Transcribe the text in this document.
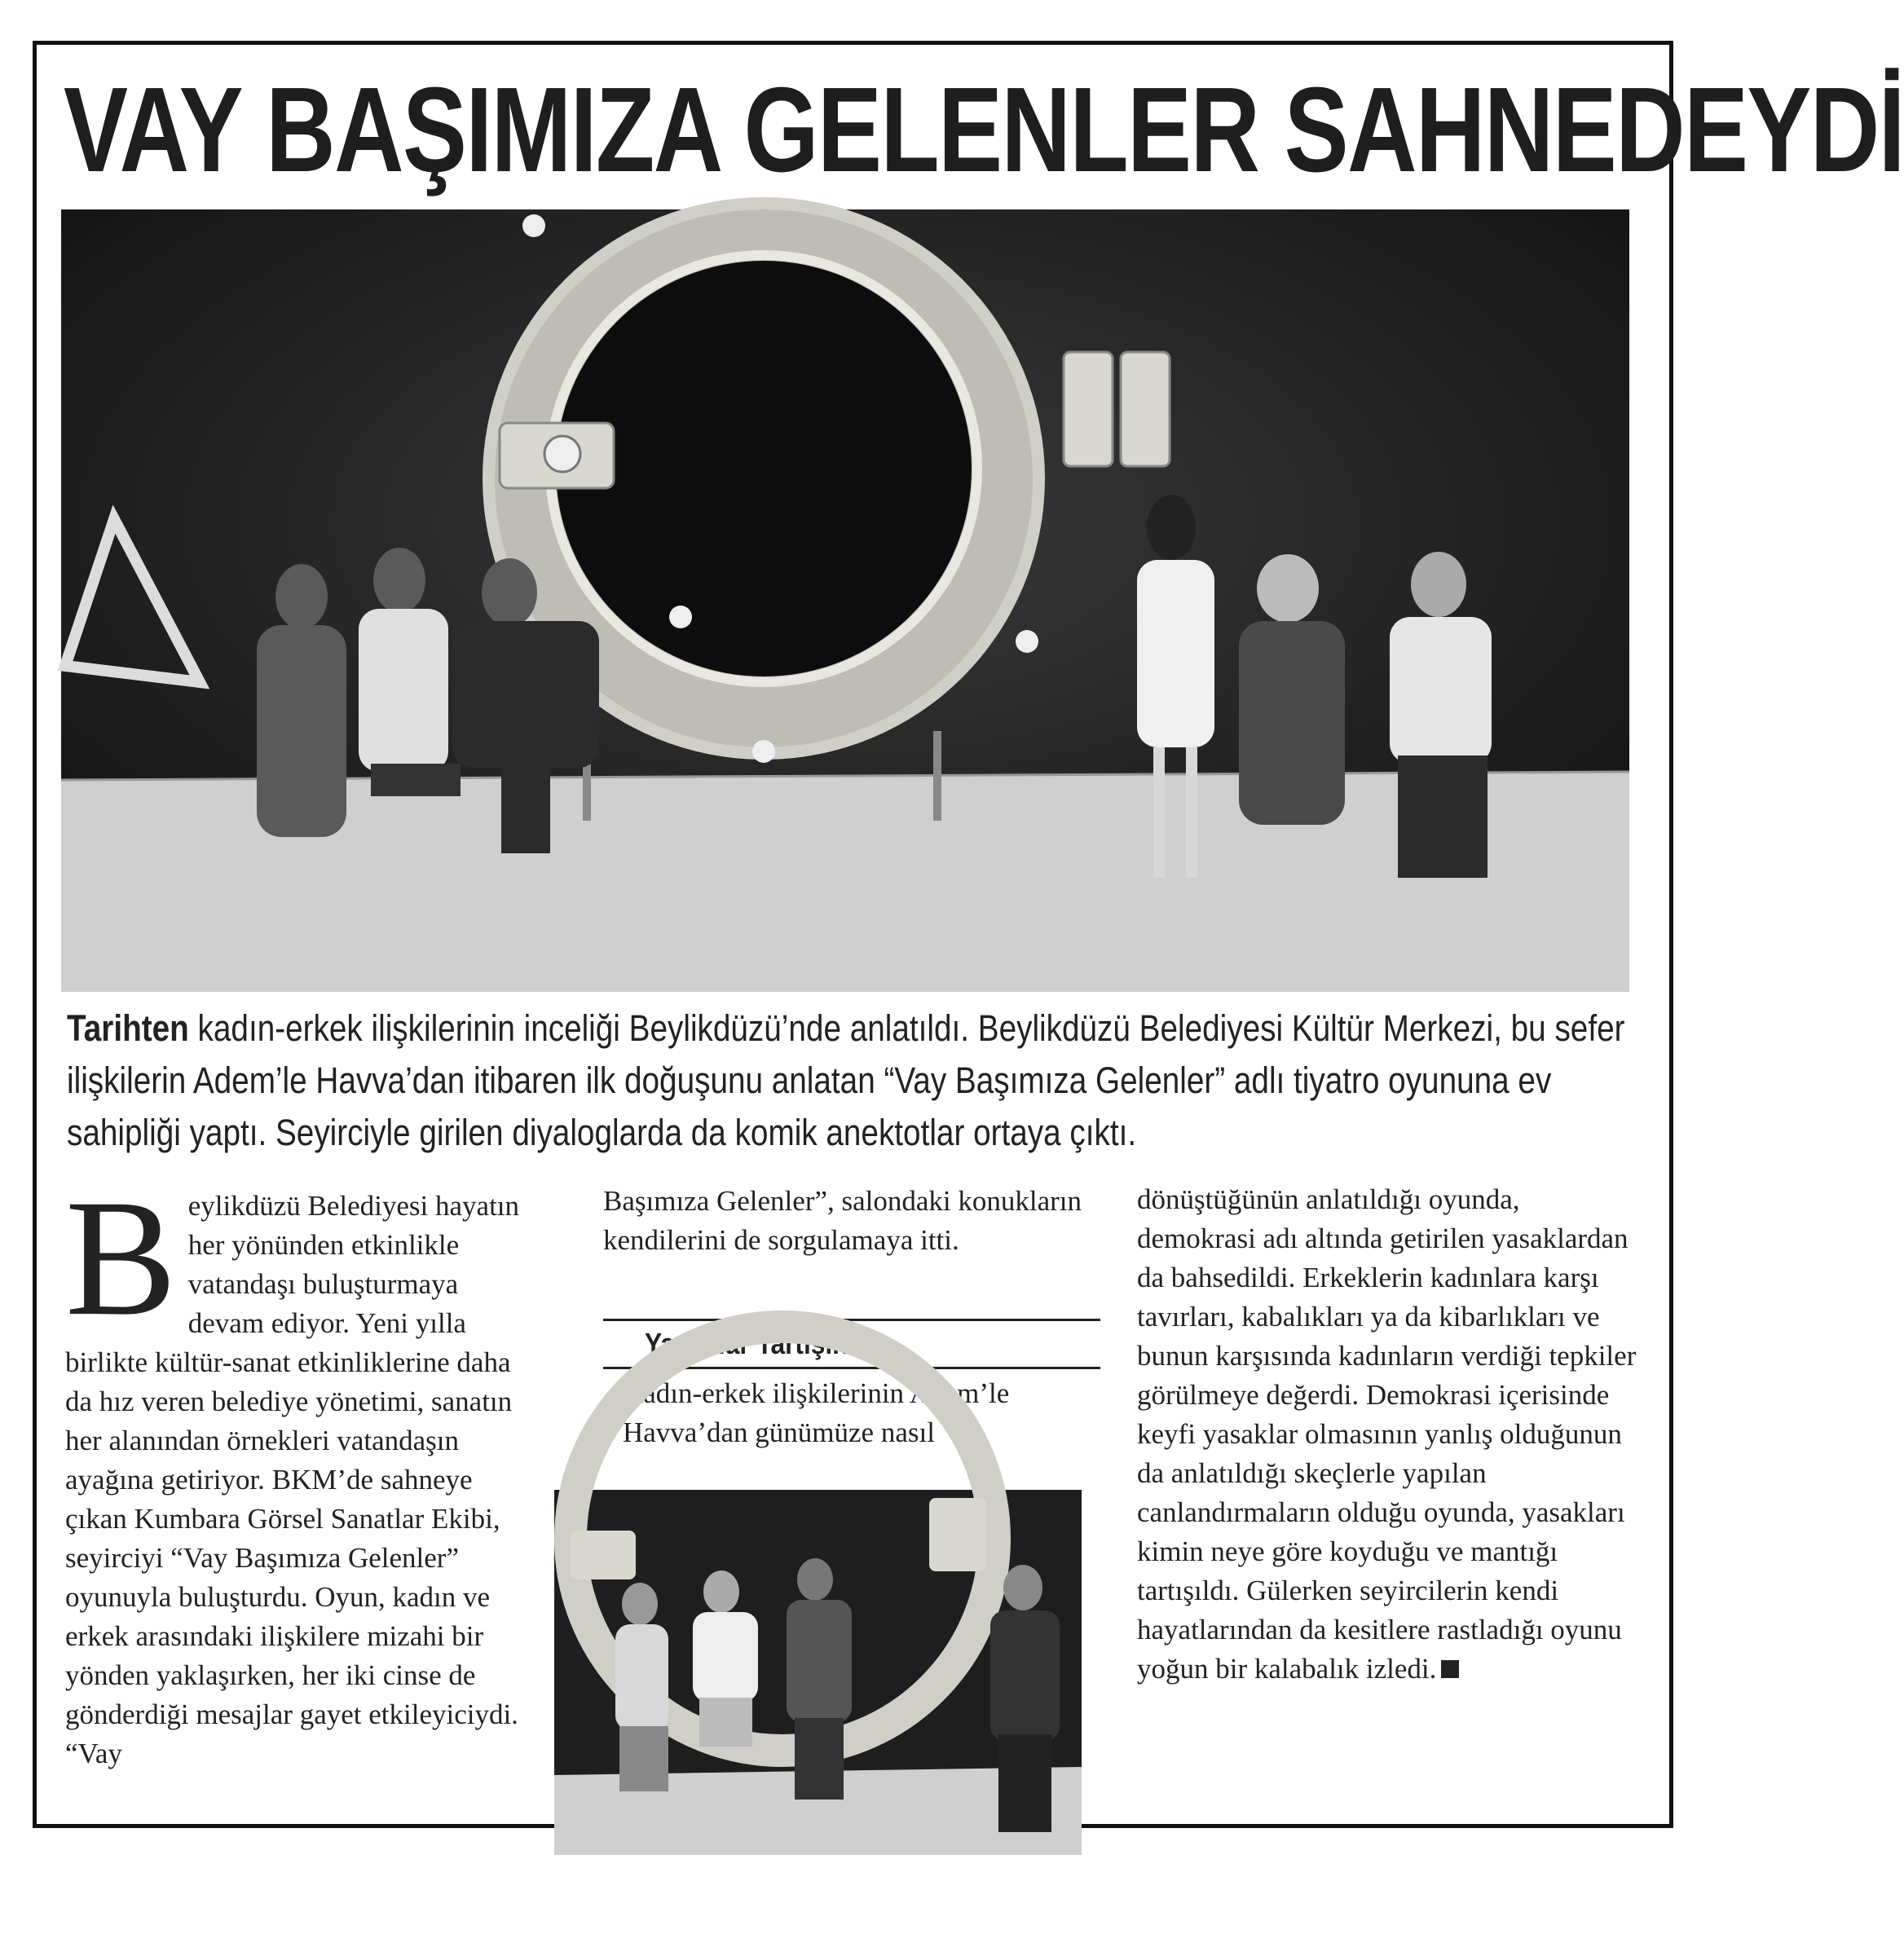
VAY BAŞIMIZA GELENLER SAHNEDEYDİ
Tarihten kadın-erkek ilişkilerinin inceliği Beylikdüzü’nde anlatıldı. Beylikdüzü Belediyesi Kültür Merkezi, bu sefer ilişkilerin Adem’le Havva’dan itibaren ilk doğuşunu anlatan “Vay Başımıza Gelenler” adlı tiyatro oyununa ev sahipliği yaptı. Seyirciyle girilen diyaloglarda da komik anektotlar ortaya çıktı.
B eylikdüzü Belediyesi hayatın her yönünden etkinlikle vatandaşı buluşturmaya devam ediyor. Yeni yılla birlikte kültür-sanat etkinliklerine daha da hız veren belediye yönetimi, sanatın her alanından örnekleri vatandaşın ayağına getiriyor. BKM’de sahneye çıkan Kumbara Görsel Sanatlar Ekibi, seyirciyi “Vay Başımıza Gelenler” oyunuyla buluşturdu. Oyun, kadın ve erkek arasındaki ilişkilere mizahi bir yönden yaklaşırken, her iki cinse de gönderdiği mesajlar gayet etkileyiciydi. “Vay

Başımıza Gelenler”, salondaki konukların kendilerini de sorgulamaya itti.

Yasaklar Tartışıldı

Kadın-erkek ilişkilerinin Adem’le Havva’dan günümüze nasıl

dönüştüğünün anlatıldığı oyunda, demokrasi adı altında getirilen yasaklardan da bahsedildi. Erkeklerin kadınlara karşı tavırları, kabalıkları ya da kibarlıkları ve bunun karşısında kadınların verdiği tepkiler görülmeye değerdi. Demokrasi içerisinde keyfi yasaklar olmasının yanlış olduğunun da anlatıldığı skeçlerle yapılan canlandırmaların olduğu oyunda, yasakları kimin neye göre koyduğu ve mantığı tartışıldı. Gülerken seyircilerin kendi hayatlarından da kesitlere rastladığı oyunu yoğun bir kalabalık izledi.
